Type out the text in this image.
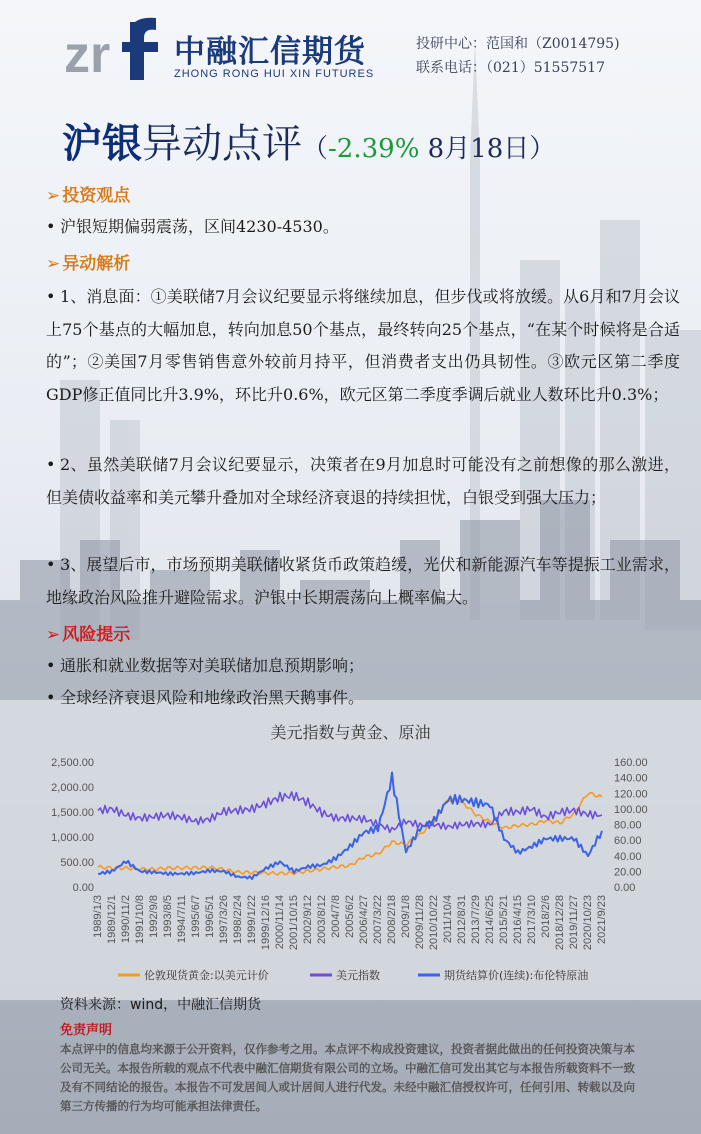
zr 中融汇信期货
ZHONG RONG HUI XIN FUTURES
投研中心：范国和（Z0014795)
联系电话：（021）51557517
沪银异动点评（-2.39% 8月18日）
➢ 投资观点
• 沪银短期偏弱震荡，区间4230-4530。
➢ 异动解析
• 1、消息面：①美联储7月会议纪要显示将继续加息，但步伐或将放缓。从6月和7月会议上75个基点的大幅加息，转向加息50个基点，最终转向25个基点，“在某个时候将是合适的”；②美国7月零售销售意外较前月持平，但消费者支出仍具韧性。③欧元区第二季度GDP修正值同比升3.9%，环比升0.6%，欧元区第二季度季调后就业人数环比升0.3%；
• 2、虽然美联储7月会议纪要显示，决策者在9月加息时可能没有之前想像的那么激进，但美债收益率和美元攀升叠加对全球经济衰退的持续担忧，白银受到强大压力；
• 3、展望后市，市场预期美联储收紧货币政策趋缓，光伏和新能源汽车等提振工业需求，地缘政治风险推升避险需求。沪银中长期震荡向上概率偏大。
➢ 风险提示
• 通胀和就业数据等对美联储加息预期影响；
• 全球经济衰退风险和地缘政治黑天鹅事件。
美元指数与黄金、原油
2,500.00
2,000.00
1,500.00
1,000.00
500.00
0.00
160.00
140.00
120.00
100.00
80.00
60.00
40.00
20.00
0.00
1989/1/3 1989/12/1 1990/11/2 1991/10/8 1992/9/8 1993/8/5 1994/7/11 1995/6/7 1996/5/1 1997/3/26 1998/2/24 1999/1/22 1999/12/16 2000/11/14 2001/10/15 2002/9/12 2003/8/12 2004/7/8 2005/6/2 2006/4/27 2007/3/22 2008/2/18 2009/1/8 2009/11/28 2010/10/22 2011/10/4 2012/8/31 2013/7/29 2014/6/25 2015/5/21 2016/4/15 2017/3/10 2018/2/6 2018/12/28 2019/11/27 2020/10/23 2021/9/23
伦敦现货黄金:以美元计价	美元指数	期货结算价(连续):布伦特原油
资料来源：wind，中融汇信期货
免责声明
本点评中的信息均来源于公开资料，仅作参考之用。本点评不构成投资建议，投资者据此做出的任何投资决策与本公司无关。本报告所载的观点不代表中融汇信期货有限公司的立场。中融汇信可发出其它与本报告所载资料不一致及有不同结论的报告。本报告不可发居间人或计居间人进行代发。未经中融汇信授权许可，任何引用、转载以及向第三方传播的行为均可能承担法律责任。
